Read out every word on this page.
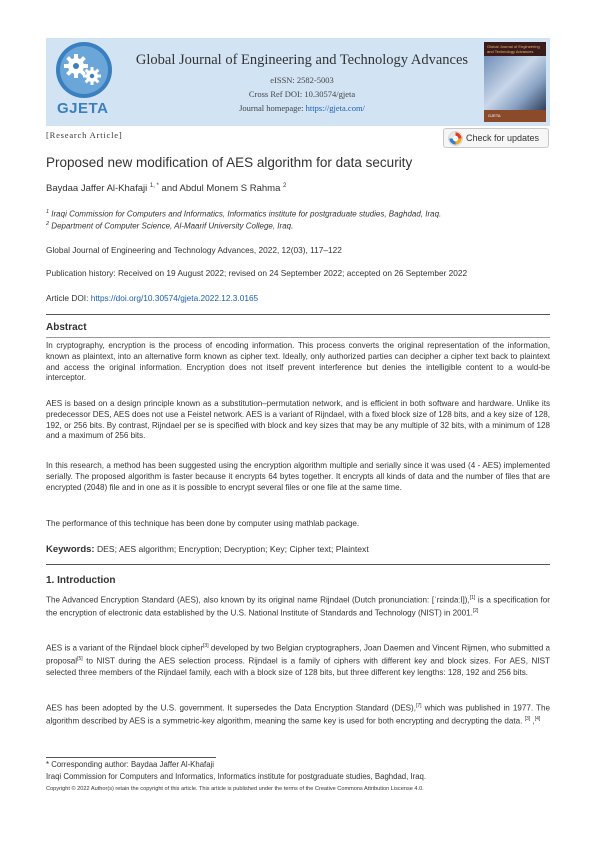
GJETA
Global Journal of Engineering and Technology Advances
eISSN: 2582-5003
Cross Ref DOI: 10.30574/gjeta
Journal homepage: https://gjeta.com/
Global Journal of Engineering and Technology Advances
GJETA
[Research Article]	Check for updates
Proposed new modification of AES algorithm for data security
Baydaa Jaffer Al-Khafaji $^{1, *}$ and Abdul Monem S Rahma $^2$
$^1$ Iraqi Commission for Computers and Informatics, Informatics institute for postgraduate studies, Baghdad, Iraq.
$^2$ Department of Computer Science, Al-Maarif University College, Iraq.
Global Journal of Engineering and Technology Advances, 2022, 12(03), 117–122
Publication history: Received on 19 August 2022; revised on 24 September 2022; accepted on 26 September 2022
Article DOI: https://doi.org/10.30574/gjeta.2022.12.3.0165
Abstract
In cryptography, encryption is the process of encoding information. This process converts the original representation of the information, known as plaintext, into an alternative form known as cipher text. Ideally, only authorized parties can decipher a cipher text back to plaintext and access the original information. Encryption does not itself prevent interference but denies the intelligible content to a would-be interceptor.
AES is based on a design principle known as a substitution–permutation network, and is efficient in both software and hardware. Unlike its predecessor DES, AES does not use a Feistel network. AES is a variant of Rijndael, with a fixed block size of 128 bits, and a key size of 128, 192, or 256 bits. By contrast, Rijndael per se is specified with block and key sizes that may be any multiple of 32 bits, with a minimum of 128 and a maximum of 256 bits.
In this research, a method has been suggested using the encryption algorithm multiple and serially since it was used (4 - AES) implemented serially. The proposed algorithm is faster because it encrypts 64 bytes together. It encrypts all kinds of data and the number of files that are encrypted (2048) file and in one as it is possible to encrypt several files or one file at the same time.
The performance of this technique has been done by computer using mathlab package.
Keywords: DES; AES algorithm; Encryption; Decryption; Key; Cipher text; Plaintext
1. Introduction
The Advanced Encryption Standard (AES), also known by its original name Rijndael (Dutch pronunciation: [ˈrɛindaːl]),[1] is a specification for the encryption of electronic data established by the U.S. National Institute of Standards and Technology (NIST) in 2001.[2]
AES is a variant of the Rijndael block cipher[3] developed by two Belgian cryptographers, Joan Daemen and Vincent Rijmen, who submitted a proposal[5] to NIST during the AES selection process. Rijndael is a family of ciphers with different key and block sizes. For AES, NIST selected three members of the Rijndael family, each with a block size of 128 bits, but three different key lengths: 128, 192 and 256 bits.
AES has been adopted by the U.S. government. It supersedes the Data Encryption Standard (DES),[7] which was published in 1977. The algorithm described by AES is a symmetric-key algorithm, meaning the same key is used for both encrypting and decrypting the data. [3] ,[4]
* Corresponding author: Baydaa Jaffer Al-Khafaji
Iraqi Commission for Computers and Informatics, Informatics institute for postgraduate studies, Baghdad, Iraq.
Copyright © 2022 Author(s) retain the copyright of this article. This article is published under the terms of the Creative Commons Attribution Liscense 4.0.
